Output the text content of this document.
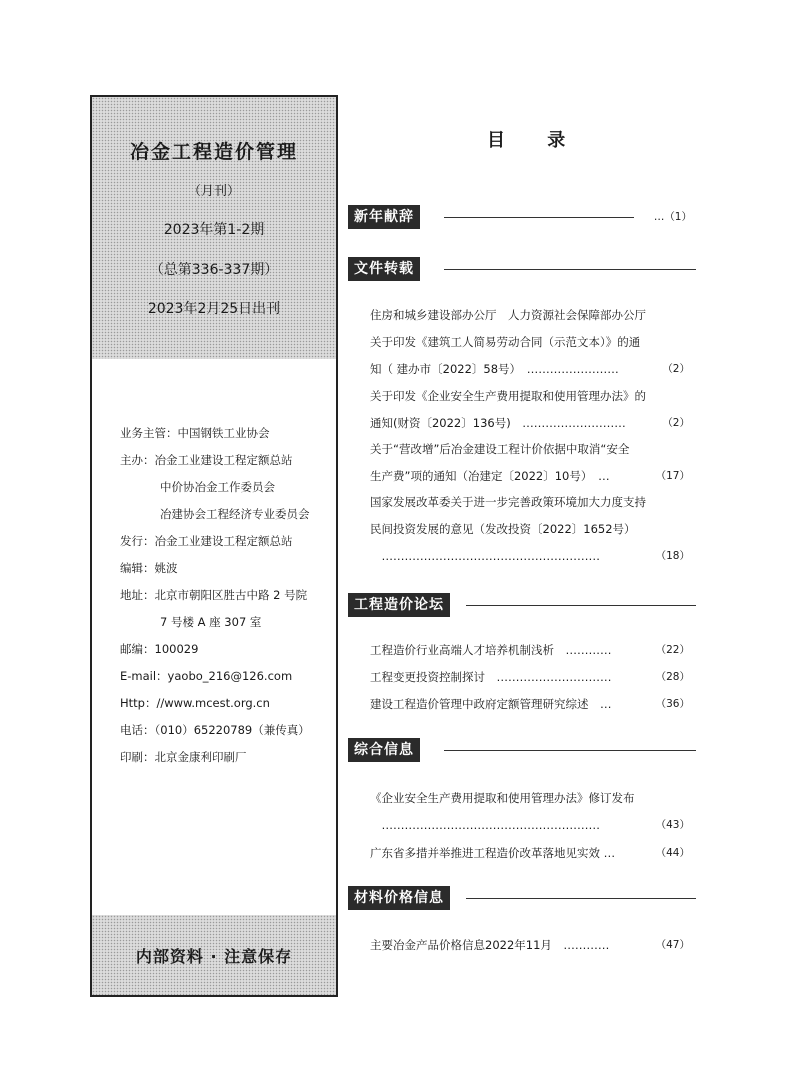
冶金工程造价管理
（月刊）
2023年第1-2期
（总第336-337期）
2023年2月25日出刊
业务主管：中国钢铁工业协会
主办：冶金工业建设工程定额总站
中价协冶金工作委员会
冶建协会工程经济专业委员会
发行：冶金工业建设工程定额总站
编辑：姚波
地址：北京市朝阳区胜古中路 2 号院
7 号楼 A 座 307 室
邮编：100029
E-mail：yaobo_216@126.com
Http：//www.mcest.org.cn
电话：（010）65220789（兼传真）
印刷：北京金康利印刷厂
内部资料 · 注意保存
目 录
新年献辞	…（1）
文件转载
住房和城乡建设部办公厅　人力资源社会保障部办公厅
关于印发《建筑工人简易劳动合同（示范文本）》的通
知（ 建办市〔2022〕58号）　……………………	（2）
关于印发《企业安全生产费用提取和使用管理办法》的
通知(财资〔2022〕136号)　………………………	（2）
关于“营改增”后冶金建设工程计价依据中取消“安全
生产费”项的通知（冶建定〔2022〕10号）　…	（17）
国家发展改革委关于进一步完善政策环境加大力度支持
民间投资发展的意见（发改投资〔2022〕1652号）
　…………………………………………………	（18）
工程造价论坛
工程造价行业高端人才培养机制浅析　…………	（22）
工程变更投资控制探讨　…………………………	（28）
建设工程造价管理中政府定额管理研究综述　…	（36）
综合信息
《企业安全生产费用提取和使用管理办法》修订发布
　…………………………………………………	（43）
广东省多措并举推进工程造价改革落地见实效 …	（44）
材料价格信息
主要冶金产品价格信息2022年11月　…………	（47）
